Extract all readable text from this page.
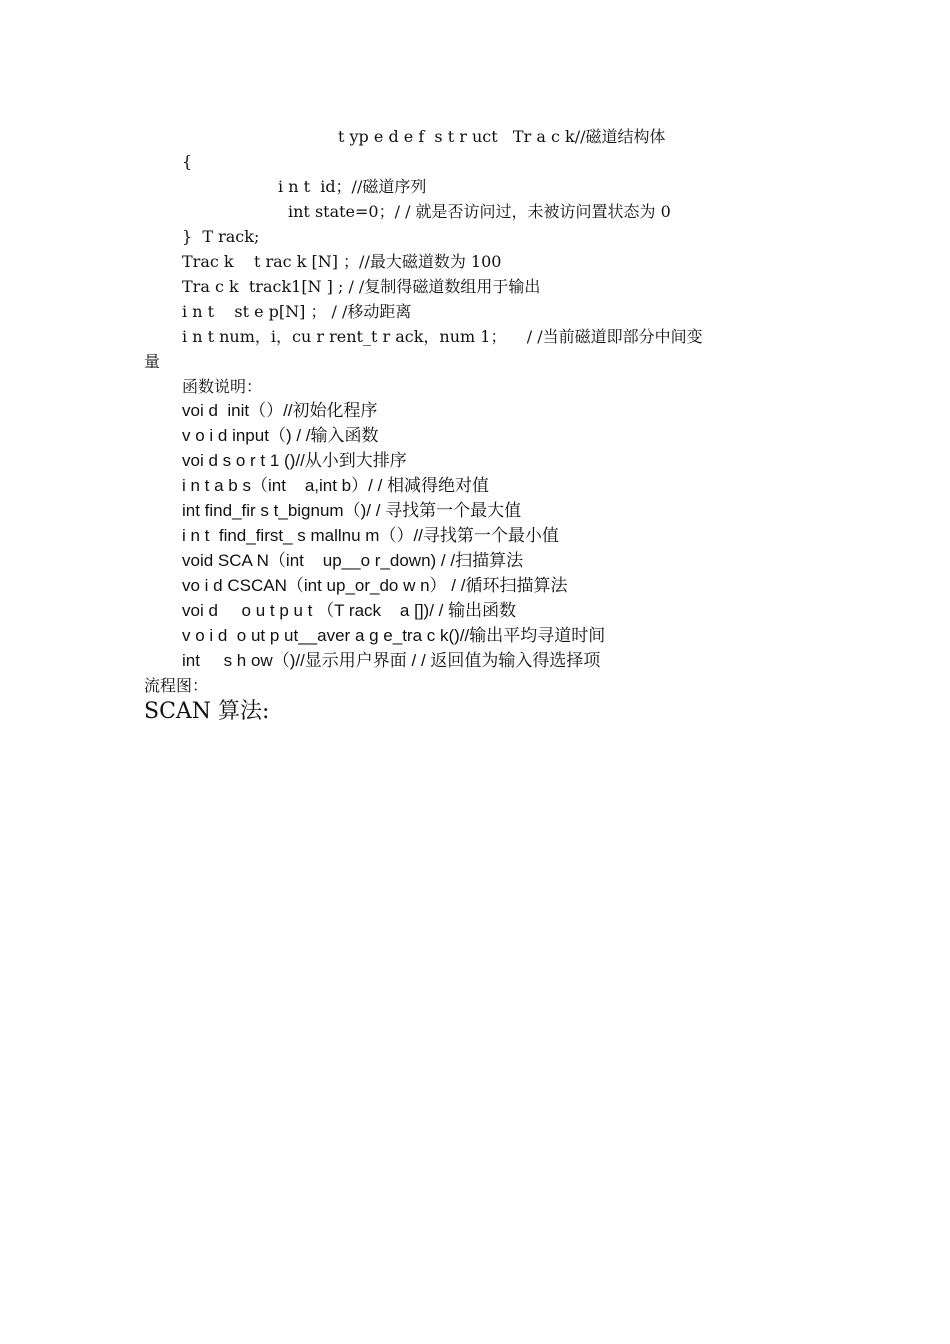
t yp e d e f  s t r uct   Tr a c k//磁道结构体
{
i n t  id；//磁道序列
int state=0；/ / 就是否访问过，未被访问置状态为 0
}  T rack;
Trac k    t rac k [N] ；//最大磁道数为 100
Tra c k  track1[N ] ; / /复制得磁道数组用于输出
i n t    st e p[N] ； / /移动距离
i n t num，i，cu r rent_t r ack，num 1；    / /当前磁道即部分中间变
量
函数说明：
voi d  init（）//初始化程序
v o i d input（) / /输入函数
voi d s o r t 1 ()//从小到大排序
i n t a b s（int    a,int b）/ / 相减得绝对值
int find_fir s t_bignum（)/ / 寻找第一个最大值
i n t  find_first_ s mallnu m（）//寻找第一个最小值
void SCA N（int    up__o r_down) / /扫描算法
vo i d CSCAN（int up_or_do w n） / /循环扫描算法
voi d     o u t p u t （T rack    a [])/ / 输出函数
v o i d  o ut p ut__aver a g e_tra c k()//输出平均寻道时间
int     s h ow（)//显示用户界面 / / 返回值为输入得选择项
流程图：
SCAN 算法:
